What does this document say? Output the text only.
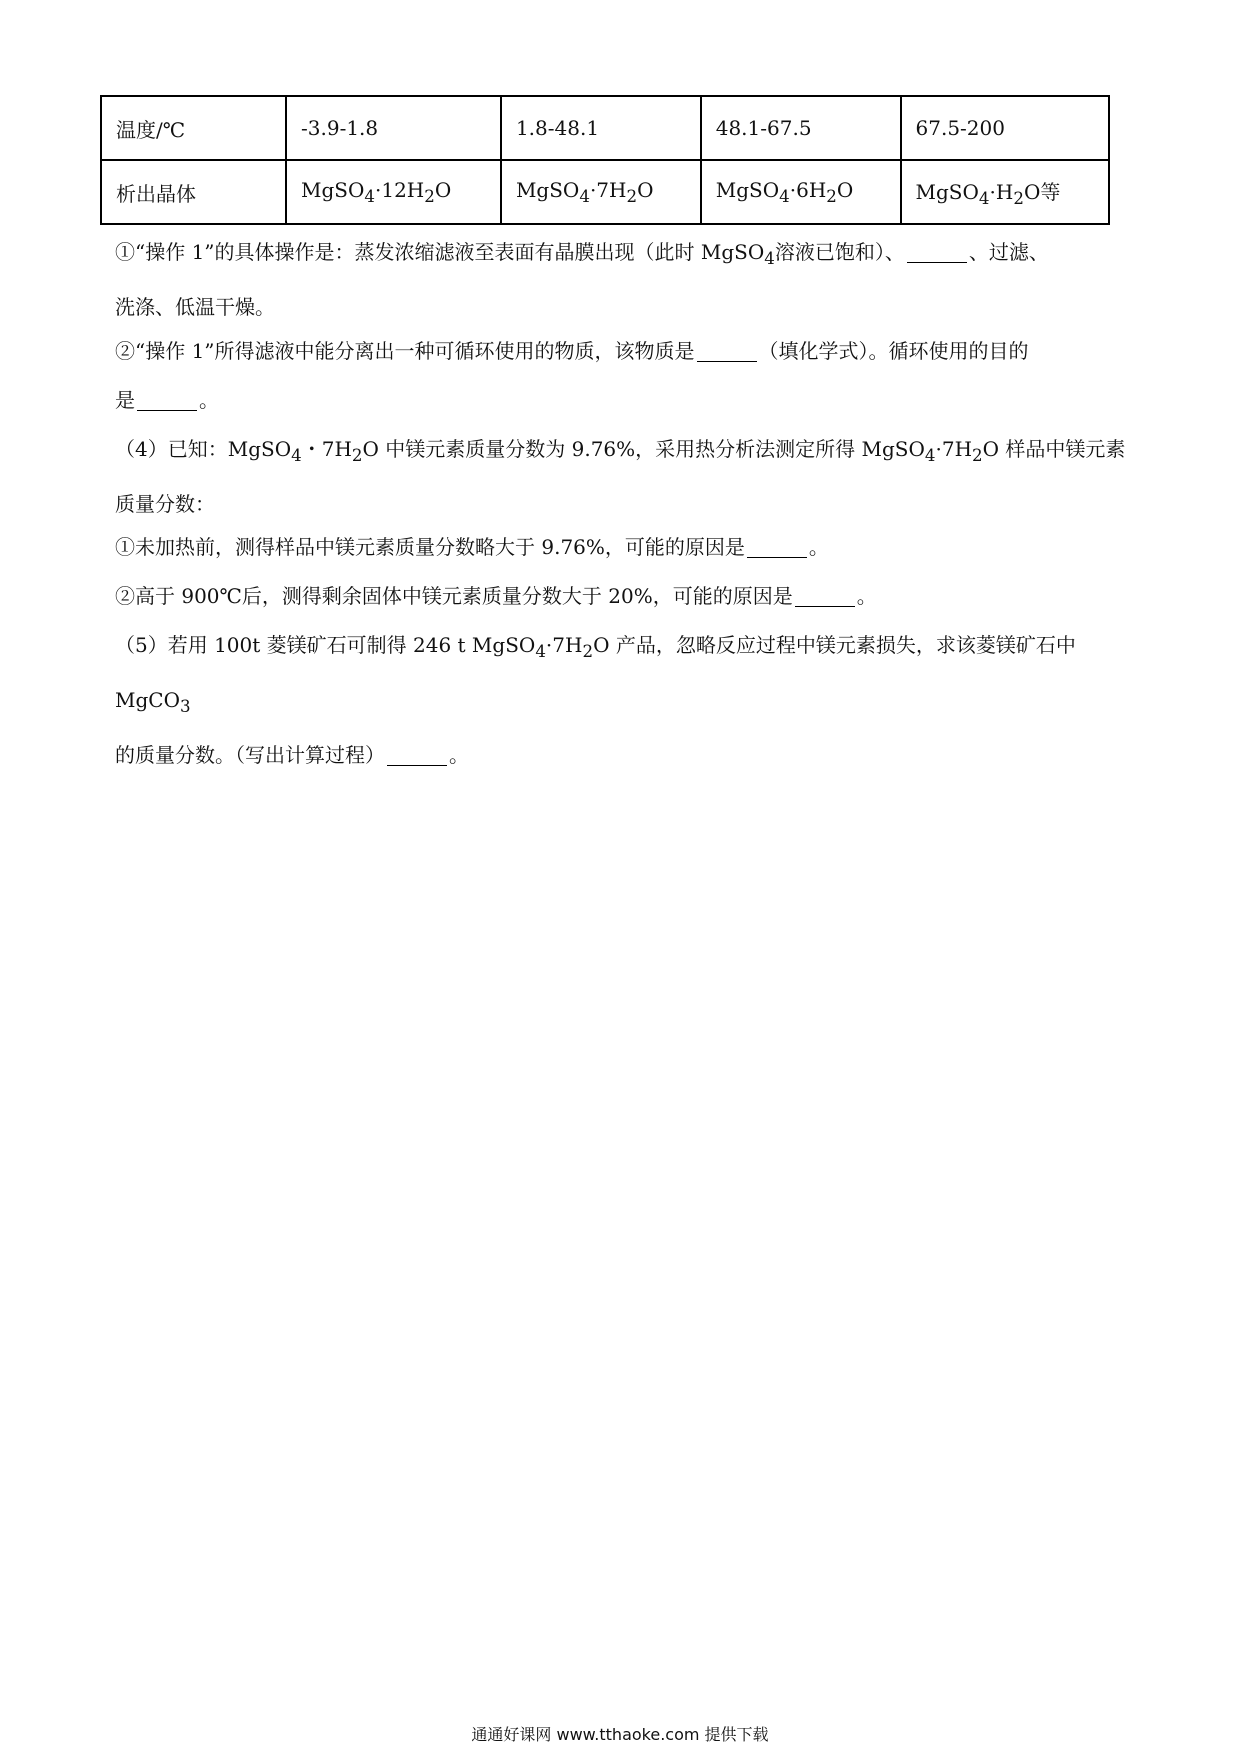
温度/℃	-3.9-1.8	1.8-48.1	48.1-67.5	67.5-200
析出晶体	$MgSO_4\cdot 12H_2O$	$MgSO_4\cdot 7H_2O$	$MgSO_4\cdot 6H_2O$	$MgSO_4\cdot H_2O$等

①“操作 1”的具体操作是：蒸发浓缩滤液至表面有晶膜出现（此时 MgSO$_4$溶液已饱和）、	、过滤、
洗涤、低温干燥。

②“操作 1”所得滤液中能分离出一种可循环使用的物质，该物质是	（填化学式）。循环使用的目的
是	。

（4）已知：MgSO$_4$・$7H_2O$ 中镁元素质量分数为 9.76%，采用热分析法测定所得 $MgSO_4\cdot 7H_2O$ 样品中镁元素
质量分数：

①未加热前，测得样品中镁元素质量分数略大于 9.76%，可能的原因是	。

②高于 900℃后，测得剩余固体中镁元素质量分数大于 20%，可能的原因是	。

（5）若用 100t 菱镁矿石可制得 246 t $MgSO_4\cdot 7H_2O$ 产品，忽略反应过程中镁元素损失，求该菱镁矿石中 MgCO$_3$
的质量分数。（写出计算过程）	。

通通好课网 www.tthaoke.com 提供下载
